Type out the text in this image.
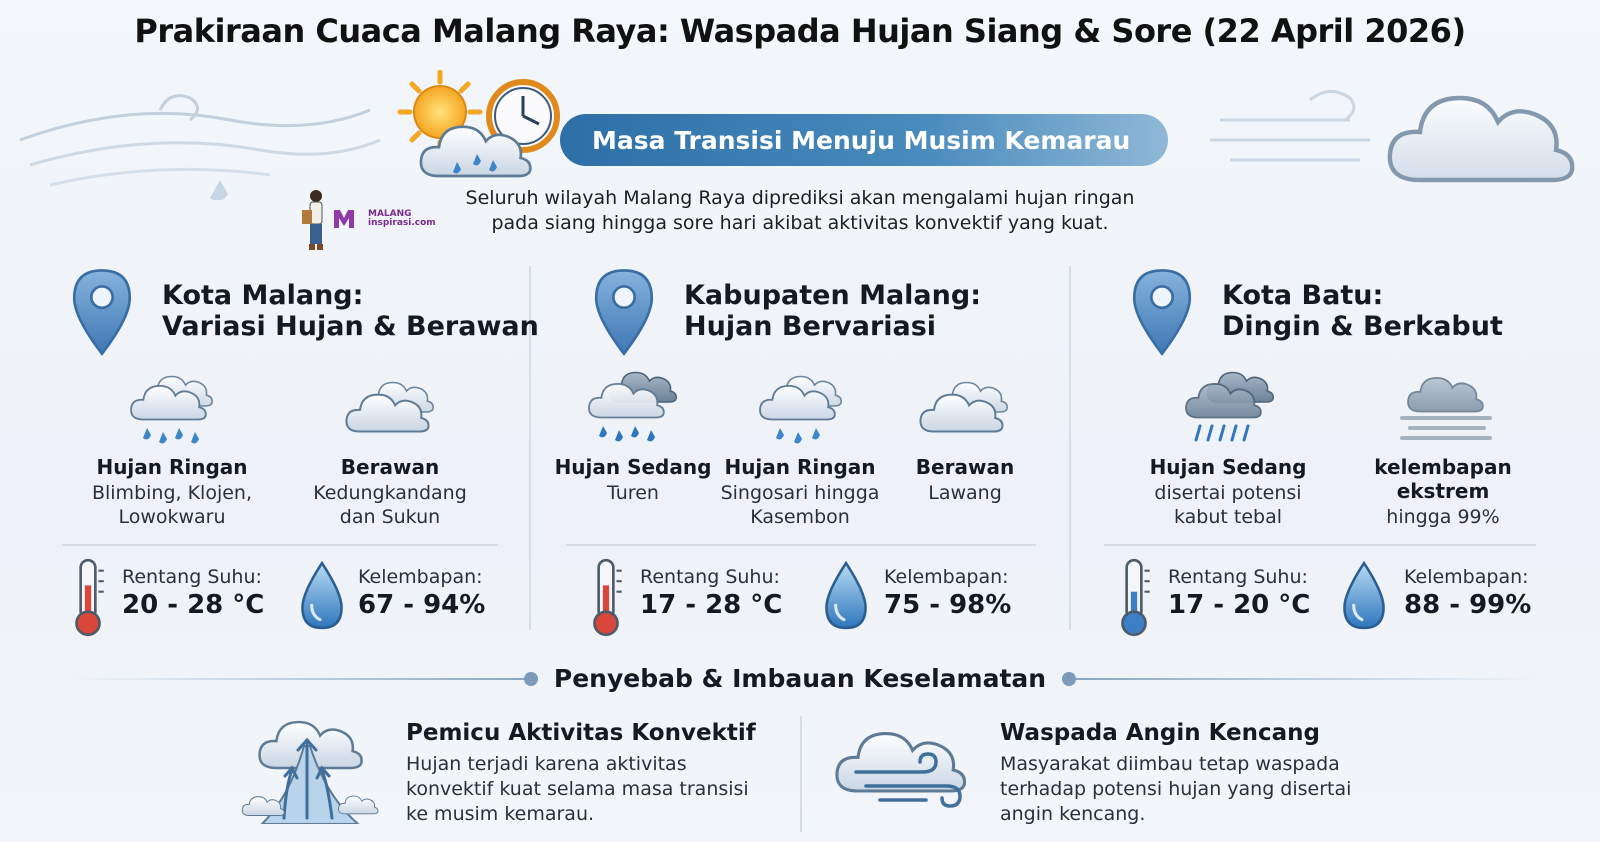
Prakiraan Cuaca Malang Raya: Waspada Hujan Siang & Sore (22 April 2026)
Masa Transisi Menuju Musim Kemarau
MALANG
inspirasi.com
Seluruh wilayah Malang Raya diprediksi akan mengalami hujan ringan
pada siang hingga sore hari akibat aktivitas konvektif yang kuat.
Kota Malang:
Variasi Hujan & Berawan
Hujan Ringan
Blimbing, Klojen,
Lowokwaru
Berawan
Kedungkandang
dan Sukun
Rentang Suhu:
20 - 28 °C
Kelembapan:
67 - 94%
Kabupaten Malang:
Hujan Bervariasi
Hujan Sedang
Turen
Hujan Ringan
Singosari hingga
Kasembon
Berawan
Lawang
Rentang Suhu:
17 - 28 °C
Kelembapan:
75 - 98%
Kota Batu:
Dingin & Berkabut
Hujan Sedang
disertai potensi
kabut tebal
kelembapan
ekstrem
hingga 99%
Rentang Suhu:
17 - 20 °C
Kelembapan:
88 - 99%
Penyebab & Imbauan Keselamatan
Pemicu Aktivitas Konvektif
Hujan terjadi karena aktivitas
konvektif kuat selama masa transisi
ke musim kemarau.
Waspada Angin Kencang
Masyarakat diimbau tetap waspada
terhadap potensi hujan yang disertai
angin kencang.
